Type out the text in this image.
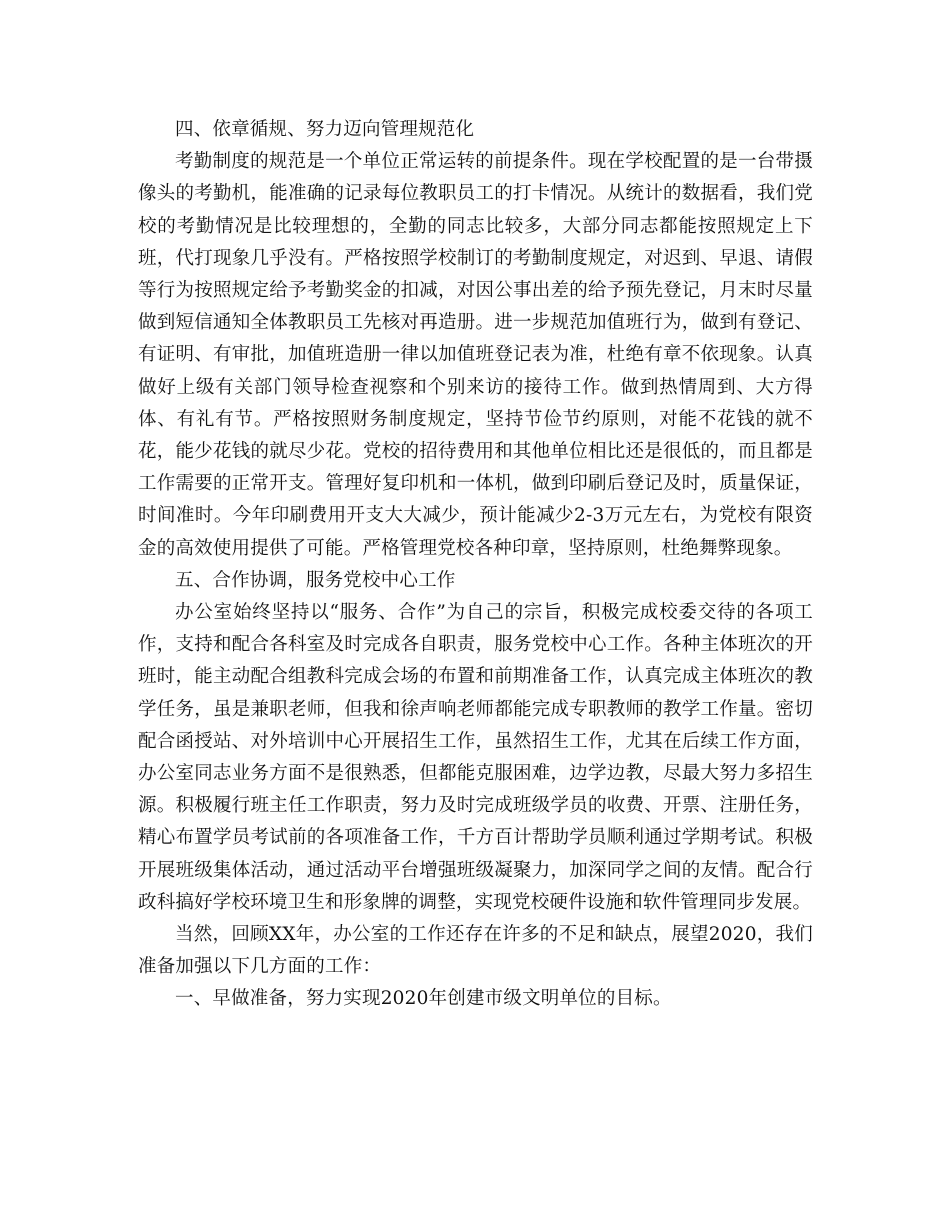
四、依章循规、努力迈向管理规范化

考勤制度的规范是一个单位正常运转的前提条件。现在学校配置的是一台带摄像头的考勤机，能准确的记录每位教职员工的打卡情况。从统计的数据看，我们党校的考勤情况是比较理想的，全勤的同志比较多，大部分同志都能按照规定上下班，代打现象几乎没有。严格按照学校制订的考勤制度规定，对迟到、早退、请假等行为按照规定给予考勤奖金的扣减，对因公事出差的给予预先登记，月末时尽量做到短信通知全体教职员工先核对再造册。进一步规范加值班行为，做到有登记、有证明、有审批，加值班造册一律以加值班登记表为准，杜绝有章不依现象。认真做好上级有关部门领导检查视察和个别来访的接待工作。做到热情周到、大方得体、有礼有节。严格按照财务制度规定，坚持节俭节约原则，对能不花钱的就不花，能少花钱的就尽少花。党校的招待费用和其他单位相比还是很低的，而且都是工作需要的正常开支。管理好复印机和一体机，做到印刷后登记及时，质量保证，时间准时。今年印刷费用开支大大减少，预计能减少2-3万元左右，为党校有限资金的高效使用提供了可能。严格管理党校各种印章，坚持原则，杜绝舞弊现象。

五、合作协调，服务党校中心工作

办公室始终坚持以“服务、合作”为自己的宗旨，积极完成校委交待的各项工作，支持和配合各科室及时完成各自职责，服务党校中心工作。各种主体班次的开班时，能主动配合组教科完成会场的布置和前期准备工作，认真完成主体班次的教学任务，虽是兼职老师，但我和徐声响老师都能完成专职教师的教学工作量。密切配合函授站、对外培训中心开展招生工作，虽然招生工作，尤其在后续工作方面，办公室同志业务方面不是很熟悉，但都能克服困难，边学边教，尽最大努力多招生源。积极履行班主任工作职责，努力及时完成班级学员的收费、开票、注册任务，精心布置学员考试前的各项准备工作，千方百计帮助学员顺利通过学期考试。积极开展班级集体活动，通过活动平台增强班级凝聚力，加深同学之间的友情。配合行政科搞好学校环境卫生和形象牌的调整，实现党校硬件设施和软件管理同步发展。

当然，回顾XX年，办公室的工作还存在许多的不足和缺点，展望2020，我们准备加强以下几方面的工作：

一、早做准备，努力实现2020年创建市级文明单位的目标。
